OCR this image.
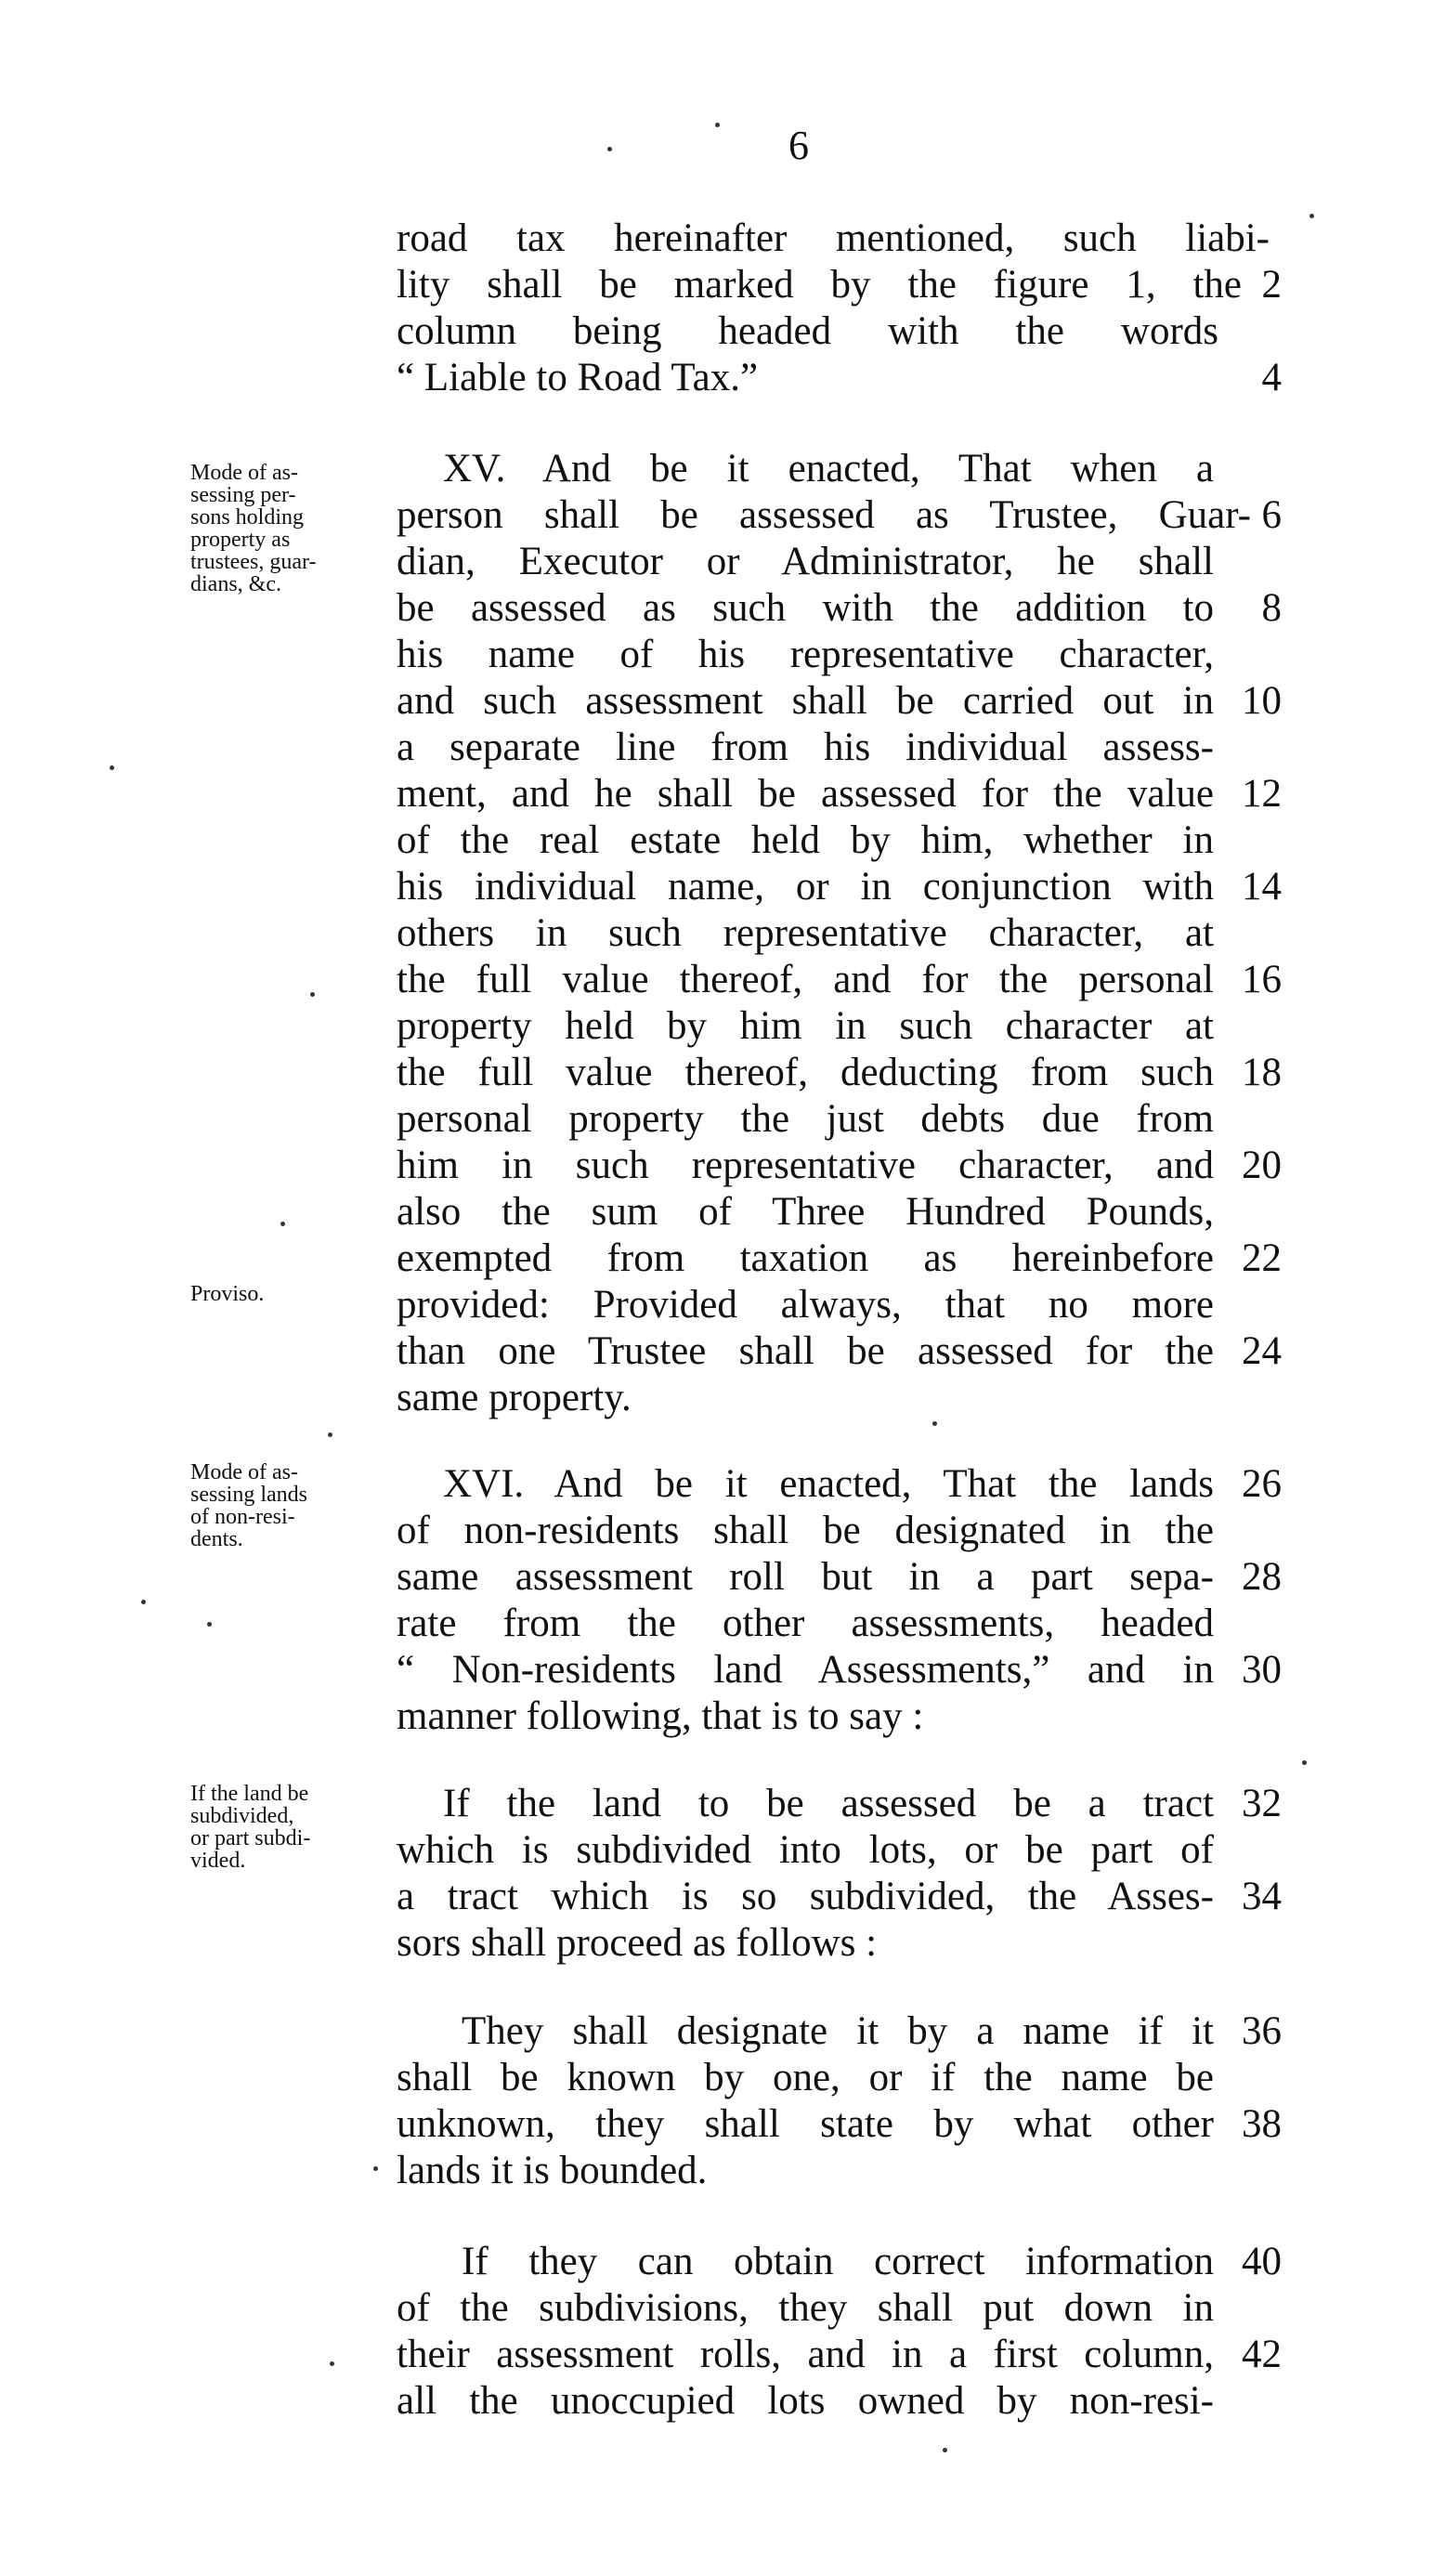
6
Mode of as-
sessing per-
sons holding
property as
trustees, guar-
dians, &c.
Proviso.
Mode of as-
sessing lands
of non-resi-
dents.
If the land be
subdivided,
or part subdi-
vided.
road tax hereinafter mentioned, such liabi-
lity shall be marked by the figure 1, the
column being headed with the words
“ Liable to Road Tax.”
XV. And be it enacted, That when a
person shall be assessed as Trustee, Guar-
dian, Executor or Administrator, he shall
be assessed as such with the addition to
his name of his representative character,
and such assessment shall be carried out in
a separate line from his individual assess-
ment, and he shall be assessed for the value
of the real estate held by him, whether in
his individual name, or in conjunction with
others in such representative character, at
the full value thereof, and for the personal
property held by him in such character at
the full value thereof, deducting from such
personal property the just debts due from
him in such representative character, and
also the sum of Three Hundred Pounds,
exempted from taxation as hereinbefore
provided: Provided always, that no more
than one Trustee shall be assessed for the
same property.
XVI. And be it enacted, That the lands
of non-residents shall be designated in the
same assessment roll but in a part sepa-
rate from the other assessments, headed
“ Non-residents land Assessments,” and in
manner following, that is to say :
If the land to be assessed be a tract
which is subdivided into lots, or be part of
a tract which is so subdivided, the Asses-
sors shall proceed as follows :
They shall designate it by a name if it
shall be known by one, or if the name be
unknown, they shall state by what other
lands it is bounded.
If they can obtain correct information
of the subdivisions, they shall put down in
their assessment rolls, and in a first column,
all the unoccupied lots owned by non-resi-
2
4
6
8
10
12
14
16
18
20
22
24
26
28
30
32
34
36
38
40
42
